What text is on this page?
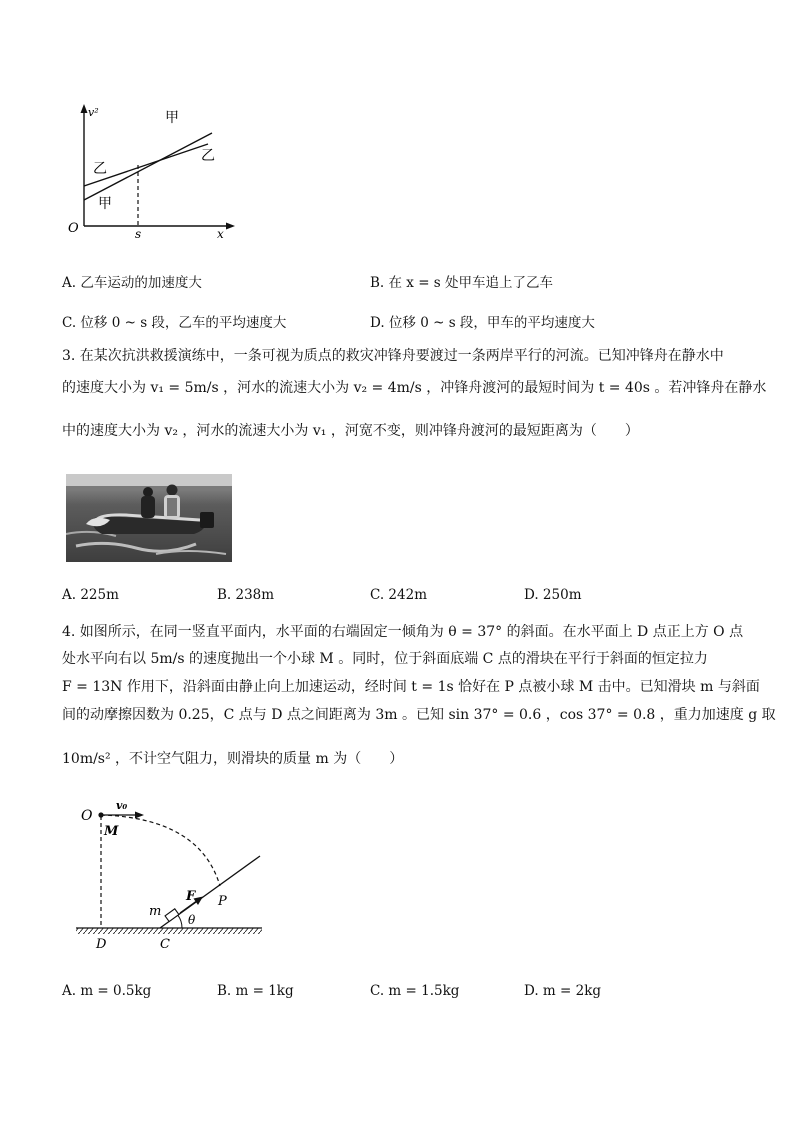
v²
x
O	s
甲
乙
乙
甲
A. 乙车运动的加速度大	B. 在 x = s 处甲车追上了乙车
C. 位移 0 ~ s 段，乙车的平均速度大	D. 位移 0 ~ s 段，甲车的平均速度大
3. 在某次抗洪救援演练中，一条可视为质点的救灾冲锋舟要渡过一条两岸平行的河流。已知冲锋舟在静水中
的速度大小为 v₁ = 5m/s ，河水的流速大小为 v₂ = 4m/s ，冲锋舟渡河的最短时间为 t = 40s 。若冲锋舟在静水
中的速度大小为 v₂ ，河水的流速大小为 v₁ ，河宽不变，则冲锋舟渡河的最短距离为（　　）
A. 225m	B. 238m	C. 242m	D. 250m
4. 如图所示，在同一竖直平面内，水平面的右端固定一倾角为 θ = 37° 的斜面。在水平面上 D 点正上方 O 点
处水平向右以 5m/s 的速度抛出一个小球 M 。同时，位于斜面底端 C 点的滑块在平行于斜面的恒定拉力
F = 13N 作用下，沿斜面由静止向上加速运动，经时间 t = 1s 恰好在 P 点被小球 M 击中。已知滑块 m 与斜面
间的动摩擦因数为 0.25，C 点与 D 点之间距离为 3m 。已知 sin 37° = 0.6 ，cos 37° = 0.8 ，重力加速度 g 取
10m/s² ，不计空气阻力，则滑块的质量 m 为（　　）
O
v₀
M
F P
m
θ
D	C
A. m = 0.5kg	B. m = 1kg	C. m = 1.5kg	D. m = 2kg
